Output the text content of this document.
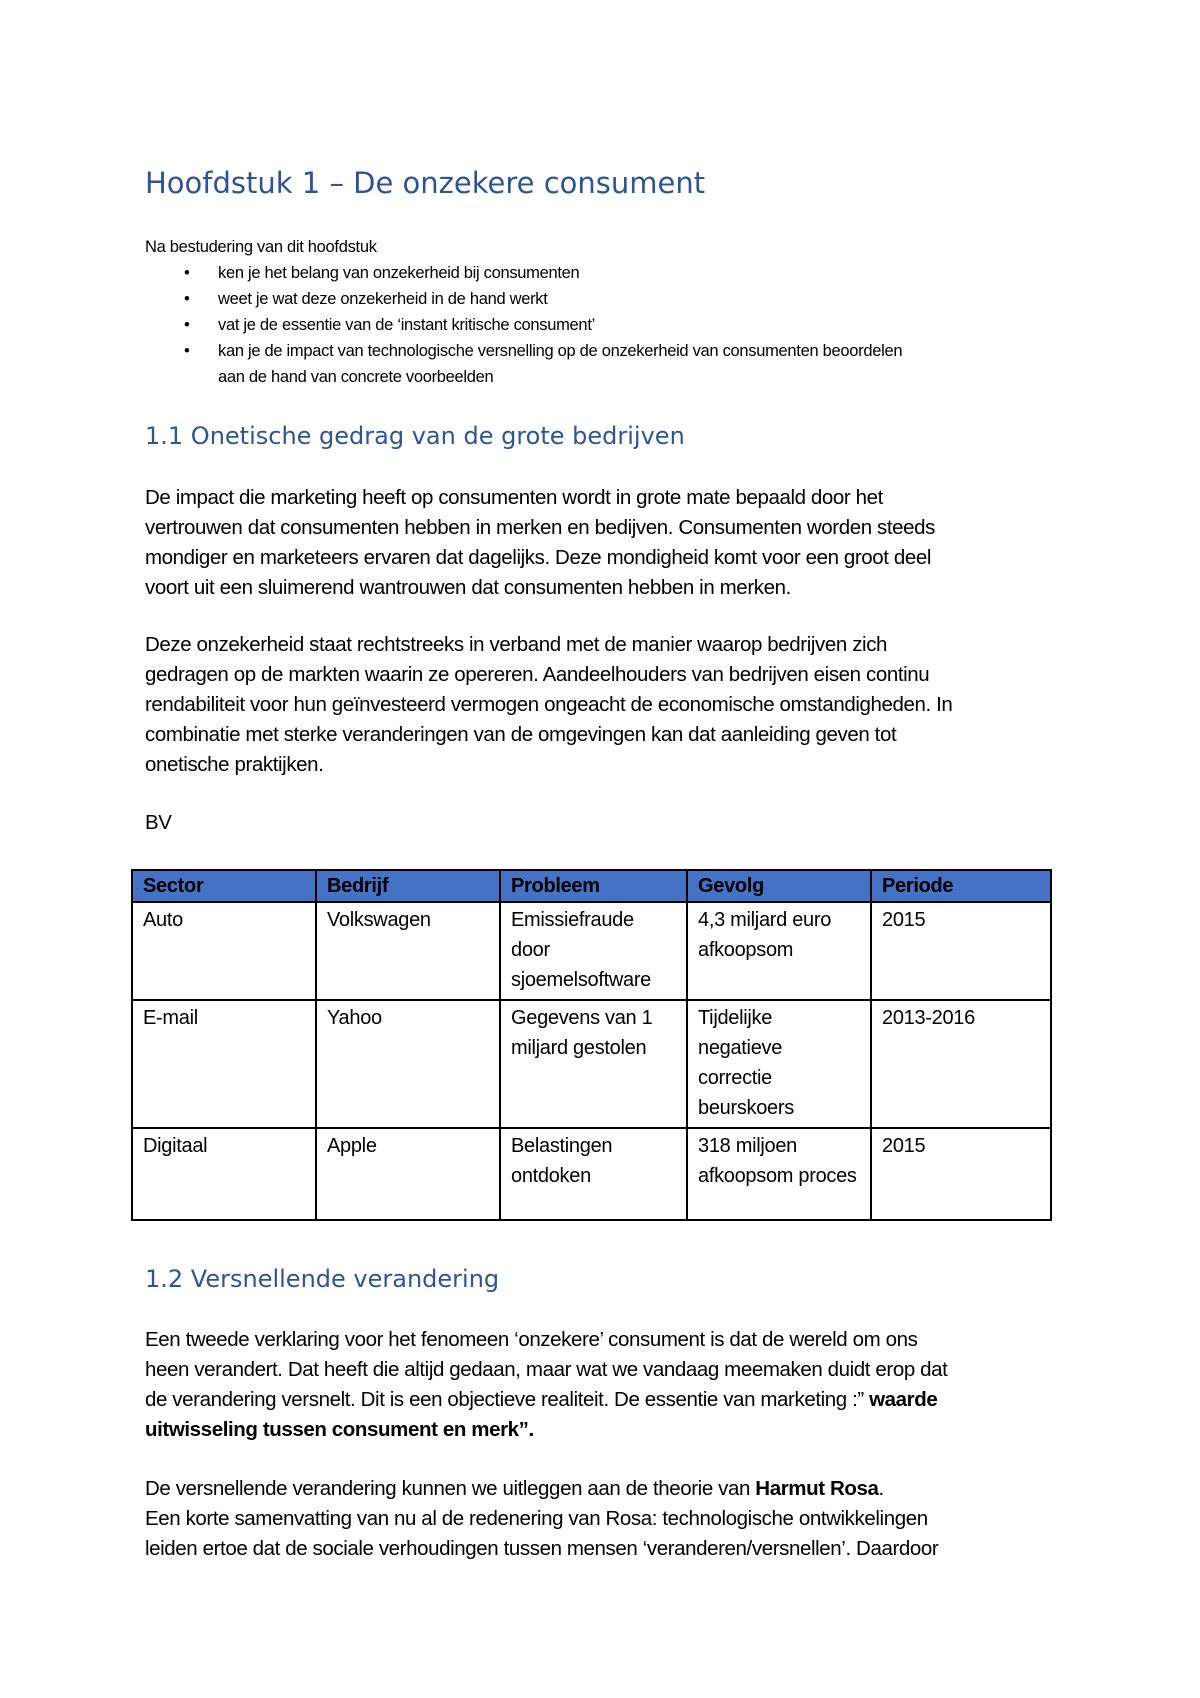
Hoofdstuk 1 – De onzekere consument
Na bestudering van dit hoofdstuk
• ken je het belang van onzekerheid bij consumenten
• weet je wat deze onzekerheid in de hand werkt
• vat je de essentie van de ‘instant kritische consument’
• kan je de impact van technologische versnelling op de onzekerheid van consumenten beoordelen
aan de hand van concrete voorbeelden
1.1 Onetische gedrag van de grote bedrijven
De impact die marketing heeft op consumenten wordt in grote mate bepaald door het
vertrouwen dat consumenten hebben in merken en bedijven. Consumenten worden steeds
mondiger en marketeers ervaren dat dagelijks. Deze mondigheid komt voor een groot deel
voort uit een sluimerend wantrouwen dat consumenten hebben in merken.
Deze onzekerheid staat rechtstreeks in verband met de manier waarop bedrijven zich
gedragen op de markten waarin ze opereren. Aandeelhouders van bedrijven eisen continu
rendabiliteit voor hun geïnvesteerd vermogen ongeacht de economische omstandigheden. In
combinatie met sterke veranderingen van de omgevingen kan dat aanleiding geven tot
onetische praktijken.
BV
Sector	Bedrijf	Probleem	Gevolg	Periode
Auto	Volkswagen	Emissiefraude door sjoemelsoftware	4,3 miljard euro afkoopsom	2015
E-mail	Yahoo	Gegevens van 1 miljard gestolen	Tijdelijke negatieve correctie beurskoers	2013-2016
Digitaal	Apple	Belastingen ontdoken	318 miljoen afkoopsom proces	2015
1.2 Versnellende verandering
Een tweede verklaring voor het fenomeen ‘onzekere’ consument is dat de wereld om ons
heen verandert. Dat heeft die altijd gedaan, maar wat we vandaag meemaken duidt erop dat
de verandering versnelt. Dit is een objectieve realiteit. De essentie van marketing :” waarde
uitwisseling tussen consument en merk”.
De versnellende verandering kunnen we uitleggen aan de theorie van Harmut Rosa.
Een korte samenvatting van nu al de redenering van Rosa: technologische ontwikkelingen
leiden ertoe dat de sociale verhoudingen tussen mensen ‘veranderen/versnellen’. Daardoor
